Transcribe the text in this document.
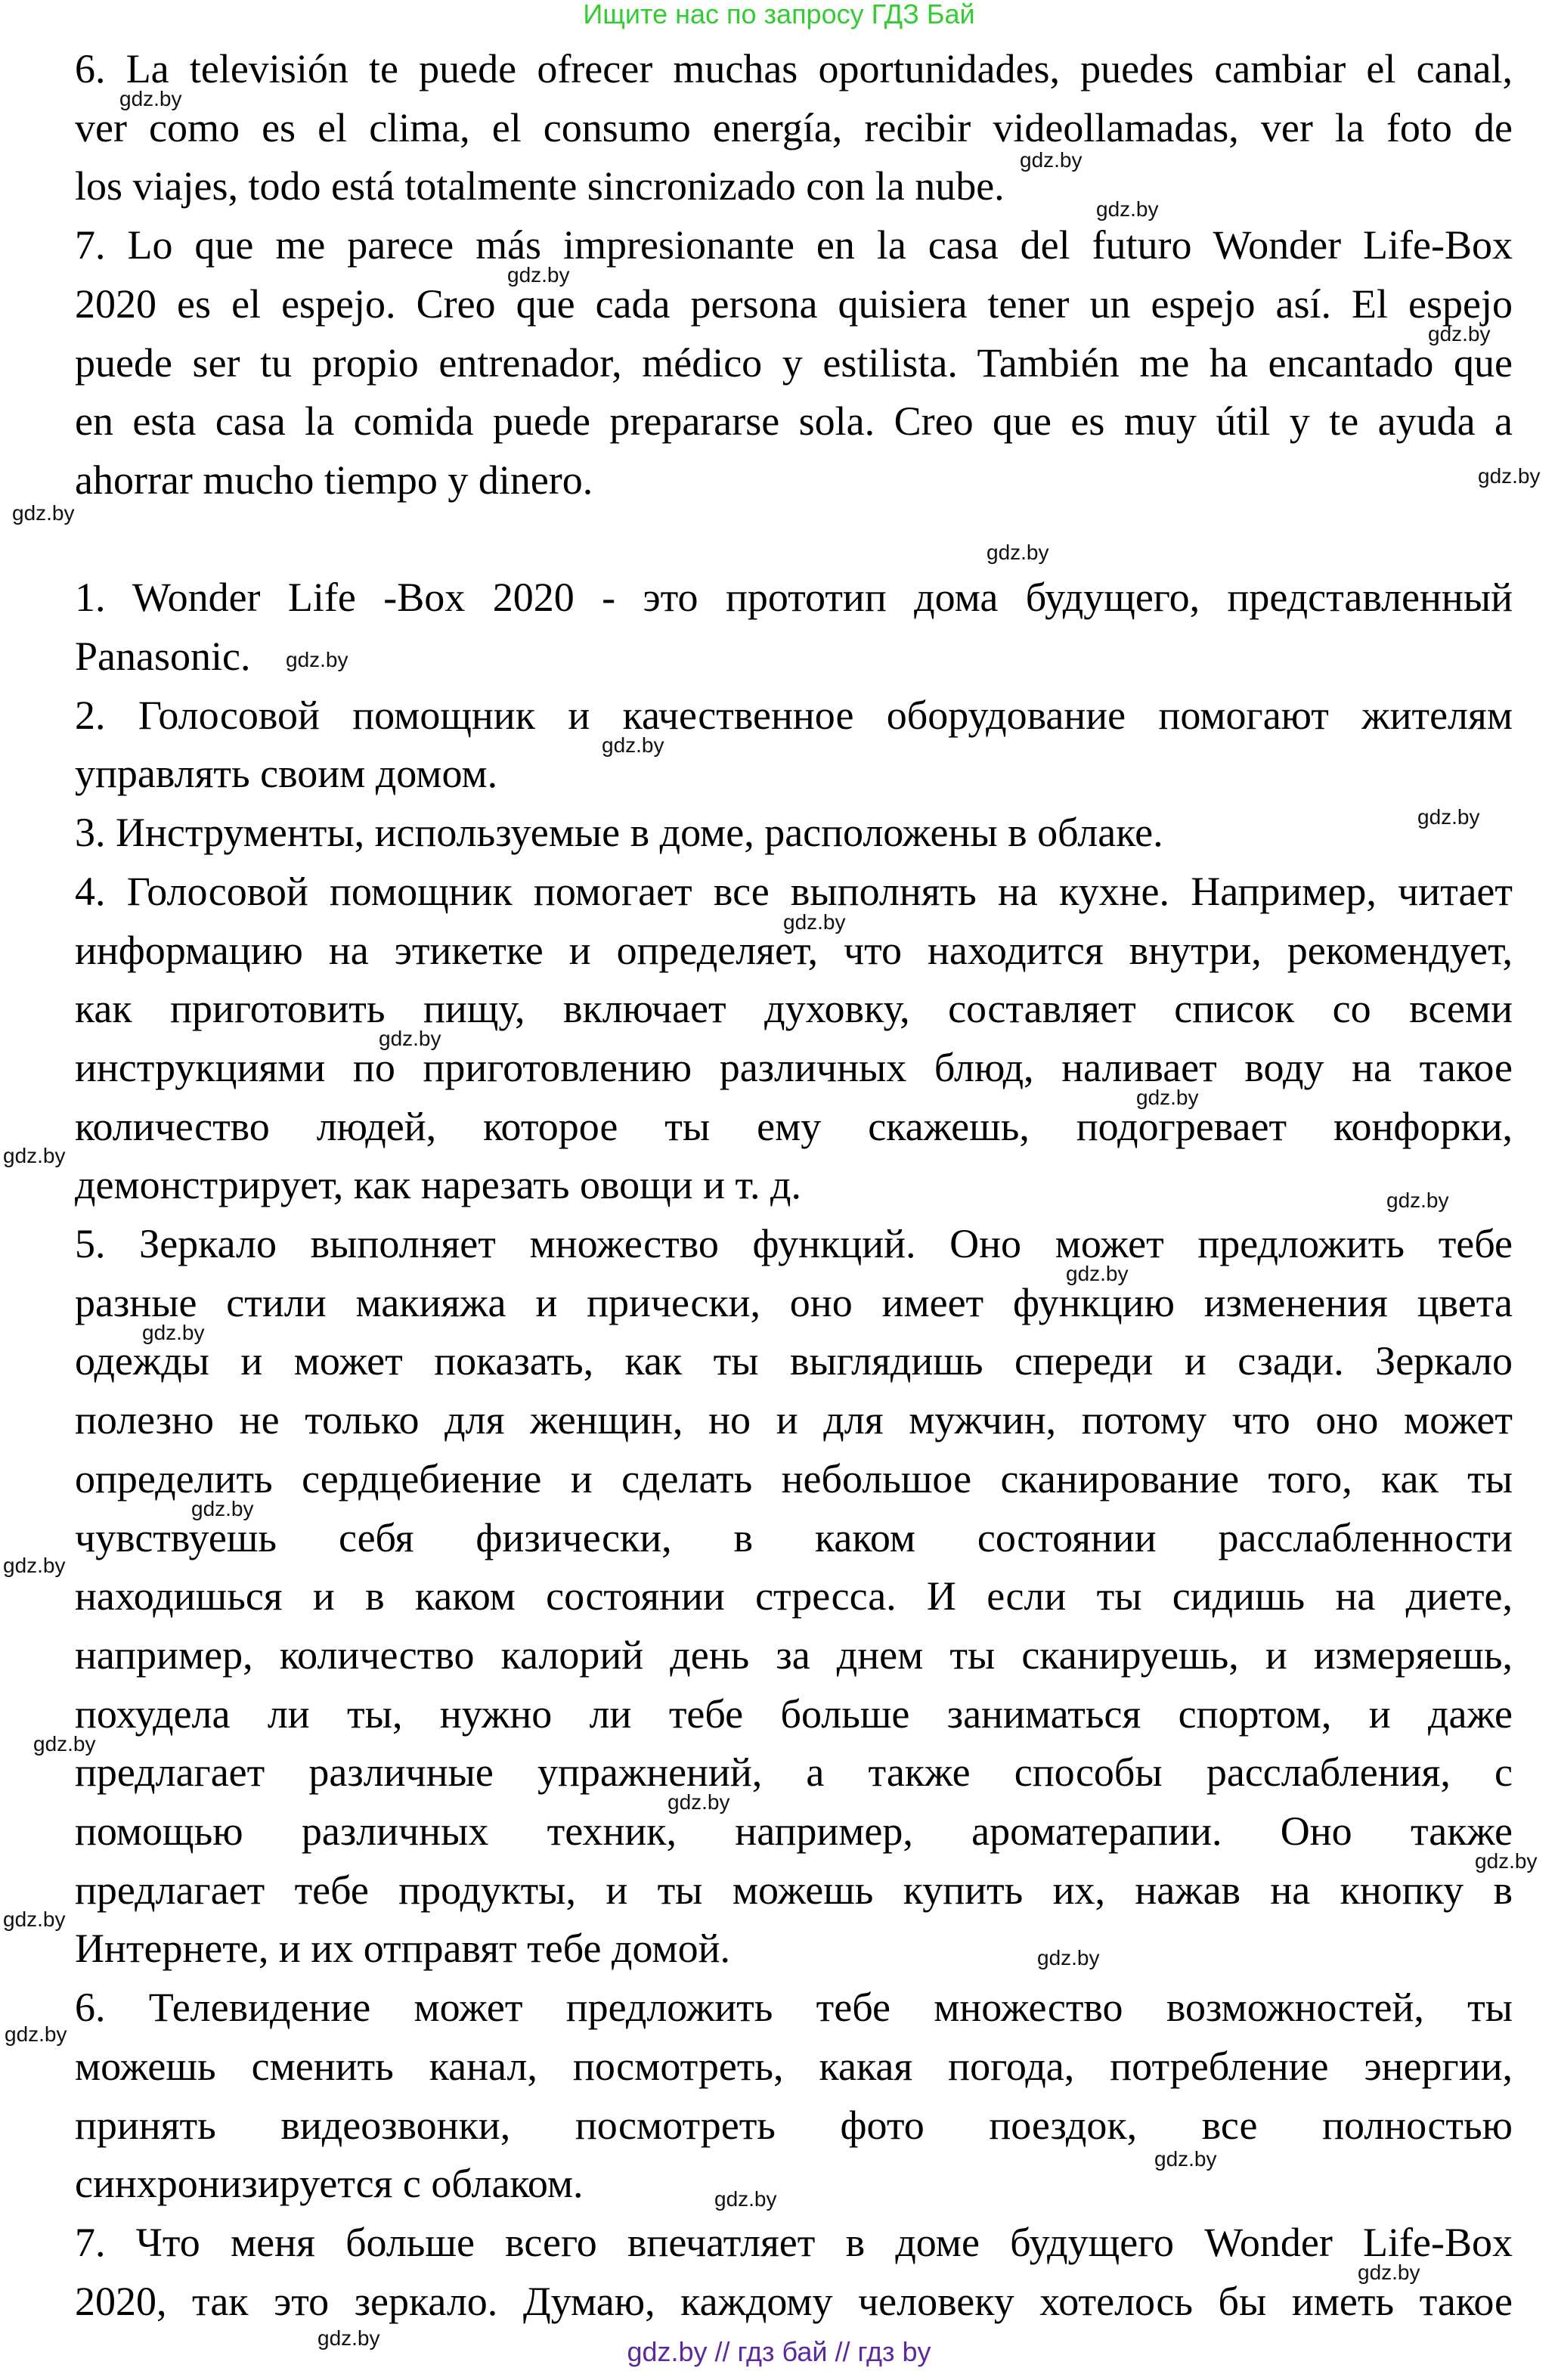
Ищите нас по запросу ГДЗ Бай
6. La televisión te puede ofrecer muchas oportunidades, puedes cambiar el canal,
ver como es el clima, el consumo energía, recibir videollamadas, ver la foto de
los viajes, todo está totalmente sincronizado con la nube.
7. Lo que me parece más impresionante en la casa del futuro Wonder Life-Box
2020 es el espejo. Creo que cada persona quisiera tener un espejo así. El espejo
puede ser tu propio entrenador, médico y estilista. También me ha encantado que
en esta casa la comida puede prepararse sola. Creo que es muy útil y te ayuda a
ahorrar mucho tiempo y dinero.
1. Wonder Life -Box 2020 - это прототип дома будущего, представленный
Panasonic.
2. Голосовой помощник и качественное оборудование помогают жителям
управлять своим домом.
3. Инструменты, используемые в доме, расположены в облаке.
4. Голосовой помощник помогает все выполнять на кухне. Например, читает
информацию на этикетке и определяет, что находится внутри, рекомендует,
как приготовить пищу, включает духовку, составляет список со всеми
инструкциями по приготовлению различных блюд, наливает воду на такое
количество людей, которое ты ему скажешь, подогревает конфорки,
демонстрирует, как нарезать овощи и т. д.
5. Зеркало выполняет множество функций. Оно может предложить тебе
разные стили макияжа и прически, оно имеет функцию изменения цвета
одежды и может показать, как ты выглядишь спереди и сзади. Зеркало
полезно не только для женщин, но и для мужчин, потому что оно может
определить сердцебиение и сделать небольшое сканирование того, как ты
чувствуешь себя физически, в каком состоянии расслабленности
находишься и в каком состоянии стресса. И если ты сидишь на диете,
например, количество калорий день за днем ты сканируешь, и измеряешь,
похудела ли ты, нужно ли тебе больше заниматься спортом, и даже
предлагает различные упражнений, а также способы расслабления, с
помощью различных техник, например, ароматерапии. Оно также
предлагает тебе продукты, и ты можешь купить их, нажав на кнопку в
Интернете, и их отправят тебе домой.
6. Телевидение может предложить тебе множество возможностей, ты
можешь сменить канал, посмотреть, какая погода, потребление энергии,
принять видеозвонки, посмотреть фото поездок, все полностью
синхронизируется с облаком.
7. Что меня больше всего впечатляет в доме будущего Wonder Life-Box
2020, так это зеркало. Думаю, каждому человеку хотелось бы иметь такое
gdz.by
gdz.by
gdz.by
gdz.by
gdz.by
gdz.by
gdz.by
gdz.by
gdz.by
gdz.by
gdz.by
gdz.by
gdz.by
gdz.by
gdz.by
gdz.by
gdz.by
gdz.by
gdz.by
gdz.by
gdz.by
gdz.by
gdz.by
gdz.by
gdz.by
gdz.by
gdz.by
gdz.by
gdz.by
gdz.by	gdz.by // гдз бай // гдз by
